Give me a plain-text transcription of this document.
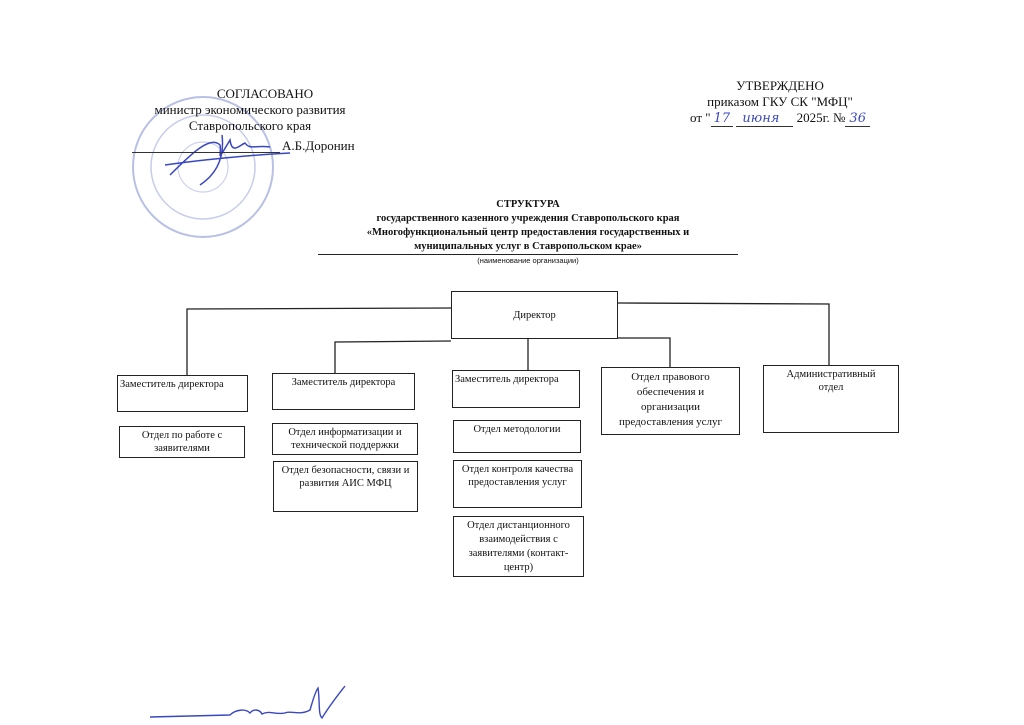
СОГЛАСОВАНО
министр экономического развития
Ставропольского края
А.Б.Доронин
УТВЕРЖДЕНО
приказом ГКУ СК "МФЦ"
от " 17 июня 2025г. № 36
СТРУКТУРА
государственного казенного учреждения Ставропольского края
«Многофункциональный центр предоставления государственных и
муниципальных услуг в Ставропольском крае»
(наименование организации)
Директор
Заместитель директора	Заместитель директора	Заместитель директора	Отдел правового обеспечения и организации предоставления услуг
Административный отдел
Отдел по работе с заявителями
Отдел информатизации и технической поддержки
Отдел безопасности, связи и развития АИС МФЦ
Отдел методологии
Отдел контроля качества предоставления услуг
Отдел дистанционного взаимодействия с заявителями (контакт-центр)
